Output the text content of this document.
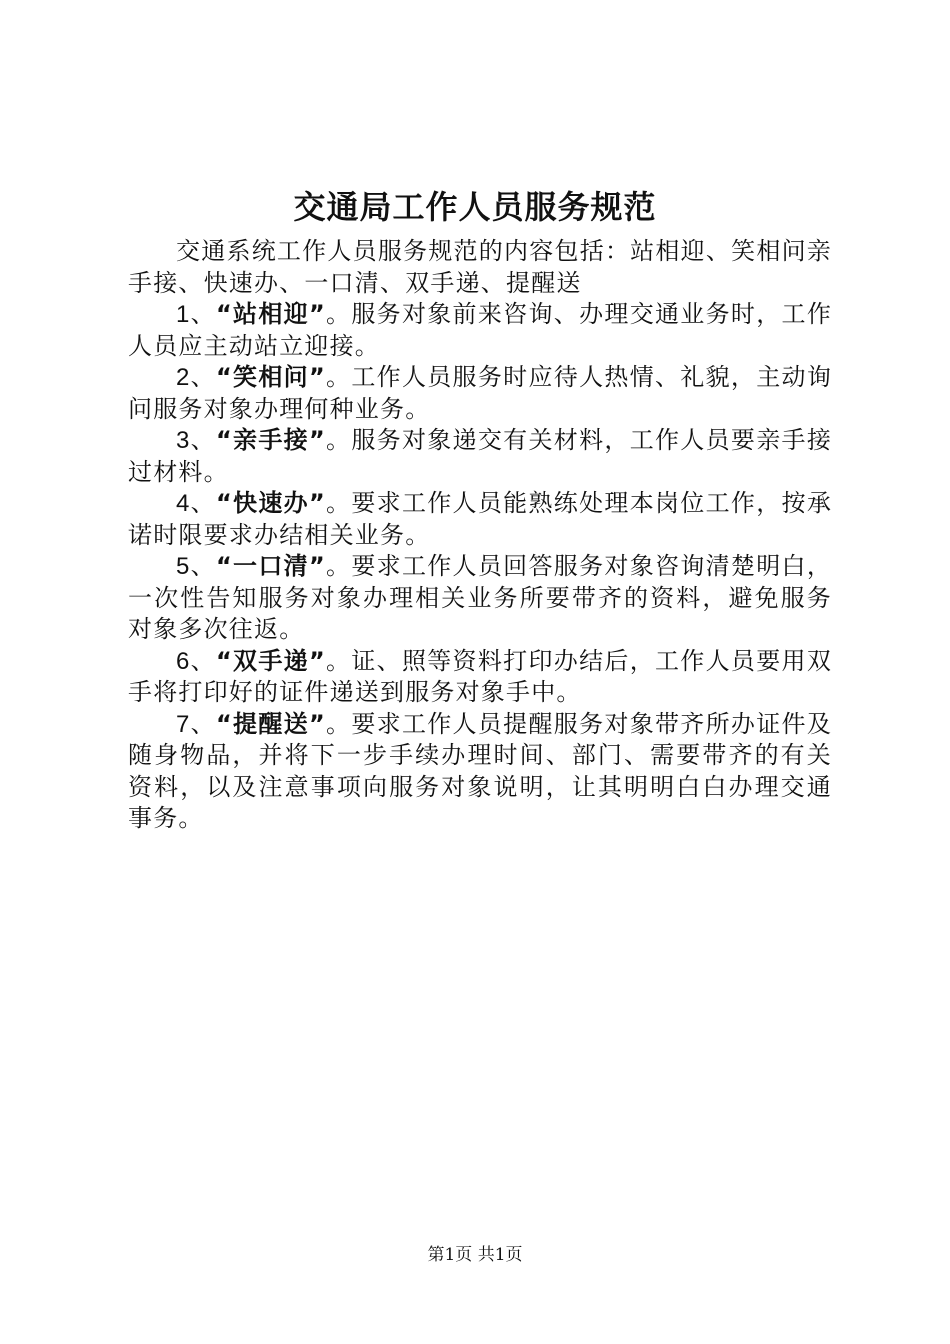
交通局工作人员服务规范

交通系统工作人员服务规范的内容包括：站相迎、笑相问亲手接、快速办、一口清、双手递、提醒送

1、“站相迎”。服务对象前来咨询、办理交通业务时，工作人员应主动站立迎接。

2、“笑相问”。工作人员服务时应待人热情、礼貌，主动询问服务对象办理何种业务。

3、“亲手接”。服务对象递交有关材料，工作人员要亲手接过材料。

4、“快速办”。要求工作人员能熟练处理本岗位工作，按承诺时限要求办结相关业务。

5、“一口清”。要求工作人员回答服务对象咨询清楚明白，一次性告知服务对象办理相关业务所要带齐的资料，避免服务对象多次往返。

6、“双手递”。证、照等资料打印办结后，工作人员要用双手将打印好的证件递送到服务对象手中。

7、“提醒送”。要求工作人员提醒服务对象带齐所办证件及随身物品，并将下一步手续办理时间、部门、需要带齐的有关资料，以及注意事项向服务对象说明，让其明明白白办理交通事务。

第1页 共1页
